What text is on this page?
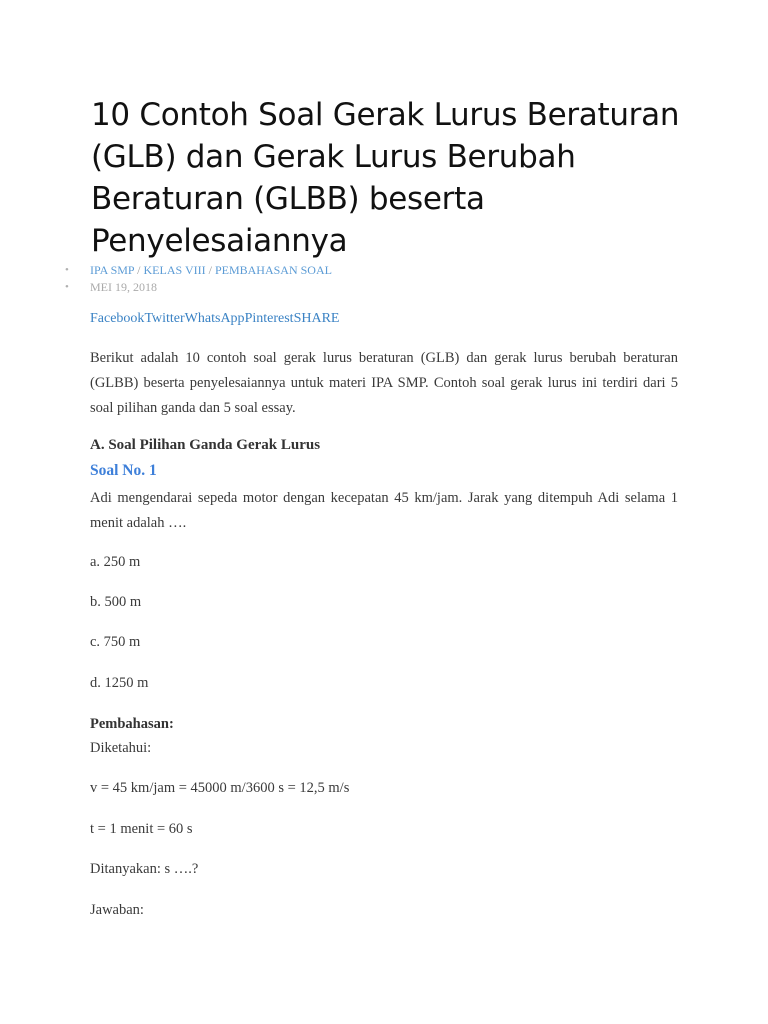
10 Contoh Soal Gerak Lurus Beraturan (GLB) dan Gerak Lurus Berubah Beraturan (GLBB) beserta Penyelesaiannya
• IPA SMP / KELAS VIII / PEMBAHASAN SOAL
• MEI 19, 2018
FacebookTwitterWhatsAppPinterestSHARE

Berikut adalah 10 contoh soal gerak lurus beraturan (GLB) dan gerak lurus berubah beraturan (GLBB) beserta penyelesaiannya untuk materi IPA SMP. Contoh soal gerak lurus ini terdiri dari 5 soal pilihan ganda dan 5 soal essay.

A. Soal Pilihan Ganda Gerak Lurus
Soal No. 1

Adi mengendarai sepeda motor dengan kecepatan 45 km/jam. Jarak yang ditempuh Adi selama 1 menit adalah ….

a. 250 m

b. 500 m

c. 750 m

d. 1250 m

Pembahasan:

Diketahui:

v = 45 km/jam = 45000 m/3600 s = 12,5 m/s

t = 1 menit = 60 s

Ditanyakan: s ….?

Jawaban:
